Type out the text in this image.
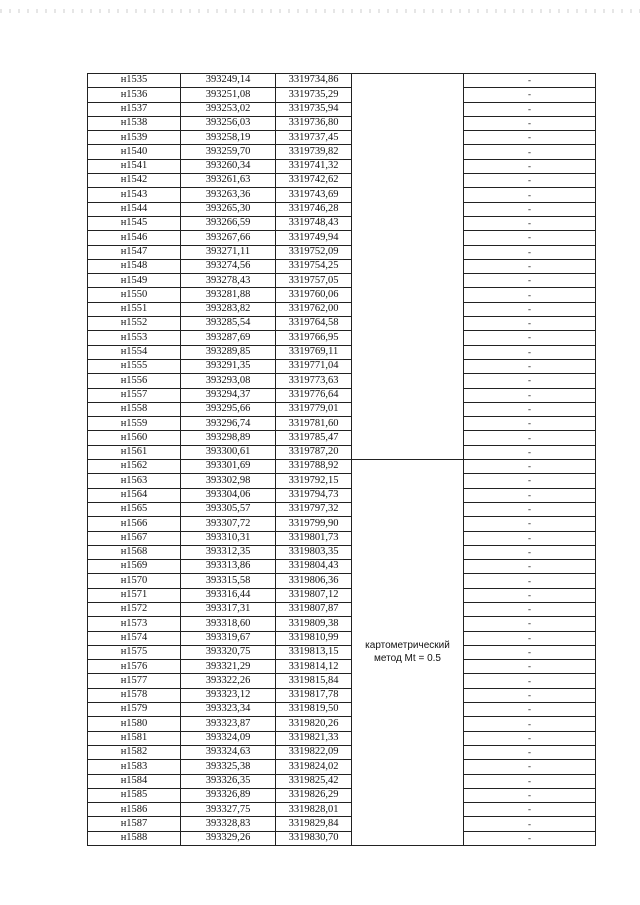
н1535	393249,14	3319734,86		-
н1536	393251,08	3319735,29		-
н1537	393253,02	3319735,94		-
н1538	393256,03	3319736,80		-
н1539	393258,19	3319737,45		-
н1540	393259,70	3319739,82		-
н1541	393260,34	3319741,32		-
н1542	393261,63	3319742,62		-
н1543	393263,36	3319743,69		-
н1544	393265,30	3319746,28		-
н1545	393266,59	3319748,43		-
н1546	393267,66	3319749,94		-
н1547	393271,11	3319752,09		-
н1548	393274,56	3319754,25		-
н1549	393278,43	3319757,05		-
н1550	393281,88	3319760,06		-
н1551	393283,82	3319762,00		-
н1552	393285,54	3319764,58		-
н1553	393287,69	3319766,95		-
н1554	393289,85	3319769,11		-
н1555	393291,35	3319771,04		-
н1556	393293,08	3319773,63		-
н1557	393294,37	3319776,64		-
н1558	393295,66	3319779,01		-
н1559	393296,74	3319781,60		-
н1560	393298,89	3319785,47		-
н1561	393300,61	3319787,20		-
н1562	393301,69	3319788,92	картометрический
метод Mt = 0.5	-
н1563	393302,98	3319792,15		-
н1564	393304,06	3319794,73		-
н1565	393305,57	3319797,32		-
н1566	393307,72	3319799,90		-
н1567	393310,31	3319801,73		-
н1568	393312,35	3319803,35		-
н1569	393313,86	3319804,43		-
н1570	393315,58	3319806,36		-
н1571	393316,44	3319807,12		-
н1572	393317,31	3319807,87		-
н1573	393318,60	3319809,38		-
н1574	393319,67	3319810,99		-
н1575	393320,75	3319813,15		-
н1576	393321,29	3319814,12		-
н1577	393322,26	3319815,84		-
н1578	393323,12	3319817,78		-
н1579	393323,34	3319819,50		-
н1580	393323,87	3319820,26		-
н1581	393324,09	3319821,33		-
н1582	393324,63	3319822,09		-
н1583	393325,38	3319824,02		-
н1584	393326,35	3319825,42		-
н1585	393326,89	3319826,29		-
н1586	393327,75	3319828,01		-
н1587	393328,83	3319829,84		-
н1588	393329,26	3319830,70		-
